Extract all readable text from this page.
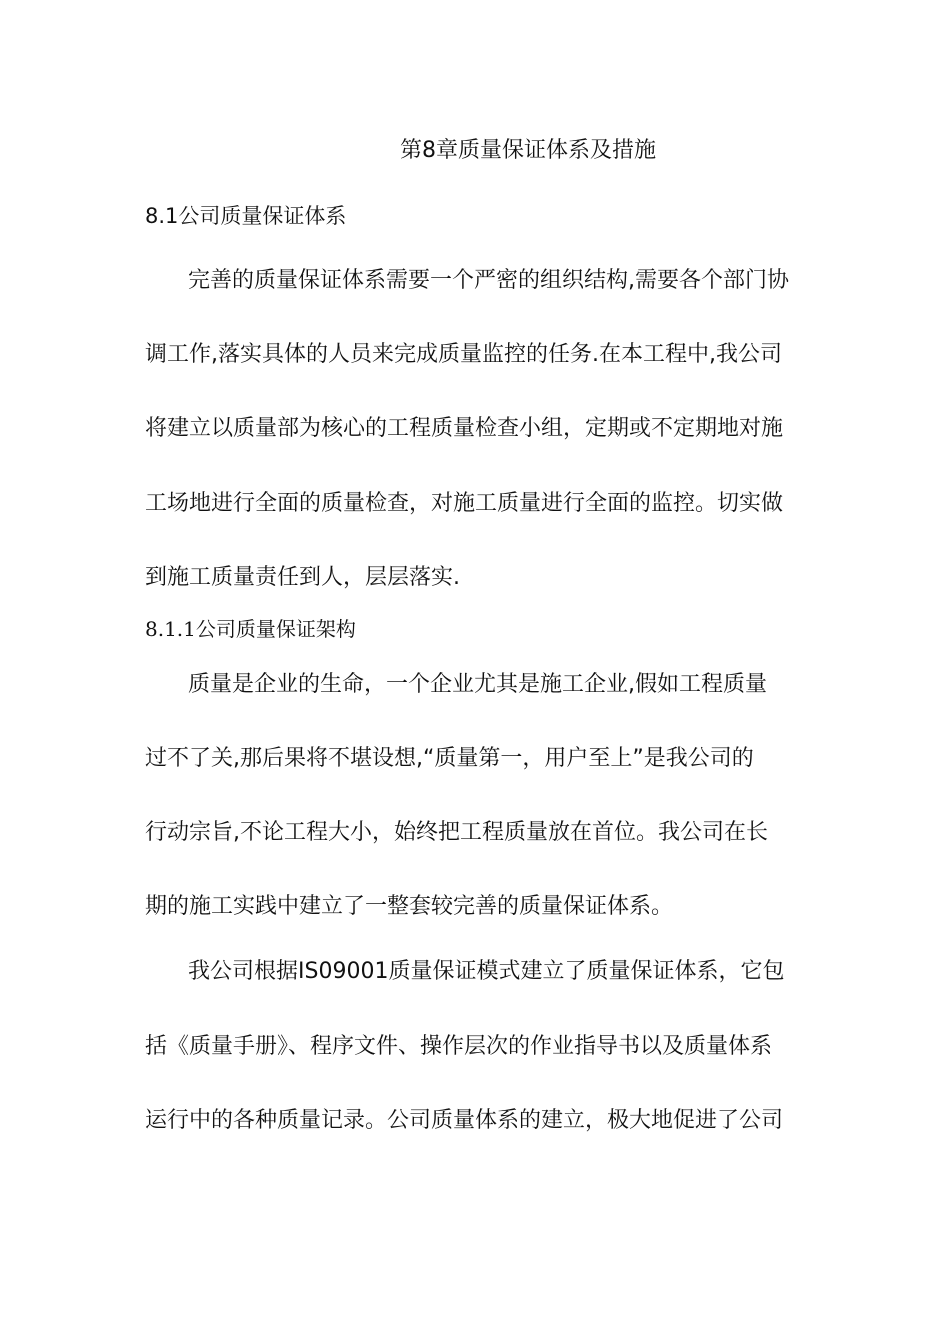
第8章质量保证体系及措施
8.1公司质量保证体系

完善的质量保证体系需要一个严密的组织结构,需要各个部门协

调工作,落实具体的人员来完成质量监控的任务.在本工程中,我公司

将建立以质量部为核心的工程质量检查小组，定期或不定期地对施

工场地进行全面的质量检查，对施工质量进行全面的监控。切实做

到施工质量责任到人，层层落实.

8.1.1公司质量保证架构

质量是企业的生命，一个企业尤其是施工企业,假如工程质量

过不了关,那后果将不堪设想,“质量第一，用户至上”是我公司的

行动宗旨,不论工程大小，始终把工程质量放在首位。我公司在长

期的施工实践中建立了一整套较完善的质量保证体系。

我公司根据IS09001质量保证模式建立了质量保证体系，它包

括《质量手册》、程序文件、操作层次的作业指导书以及质量体系

运行中的各种质量记录。公司质量体系的建立，极大地促进了公司
